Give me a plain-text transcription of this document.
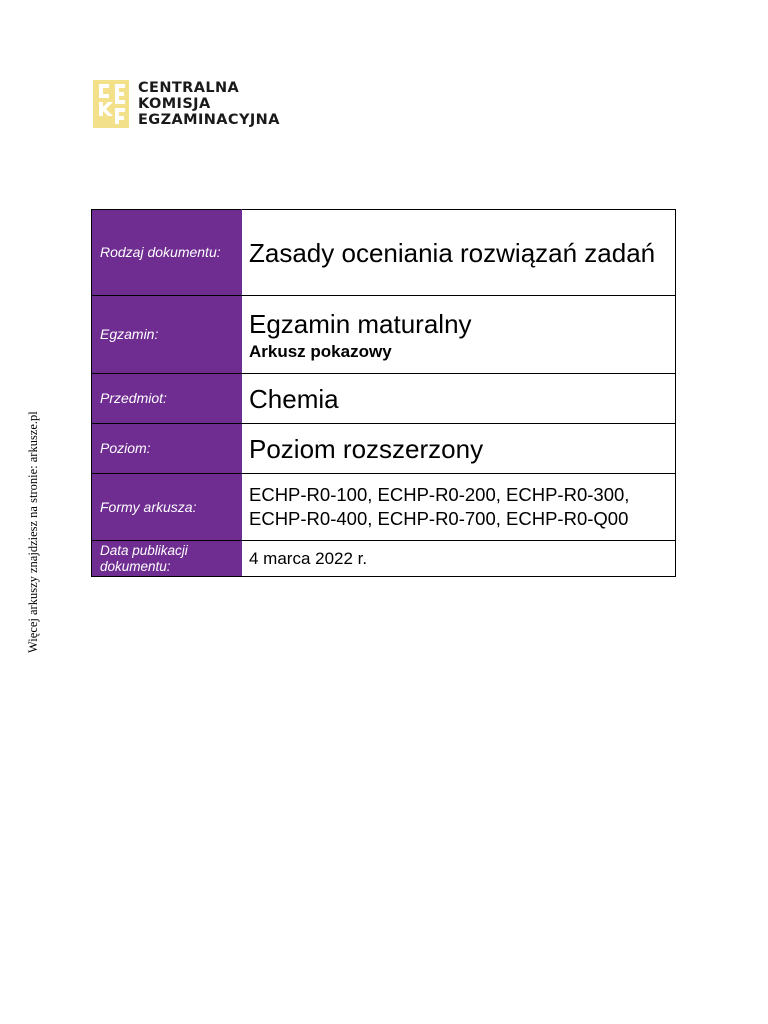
CENTRALNA
KOMISJA
EGZAMINACYJNA
Więcej arkuszy znajdziesz na stronie: arkusze.pl
Rodzaj dokumentu:	Zasady oceniania rozwiązań zadań

Egzamin:	Egzamin maturalny
Arkusz pokazowy

Przedmiot:	Chemia

Poziom:	Poziom rozszerzony

Formy arkusza:	ECHP-R0-100, ECHP-R0-200, ECHP-R0-300, ECHP-R0-400, ECHP-R0-700, ECHP-R0-Q00

Data publikacji dokumentu:	4 marca 2022 r.
